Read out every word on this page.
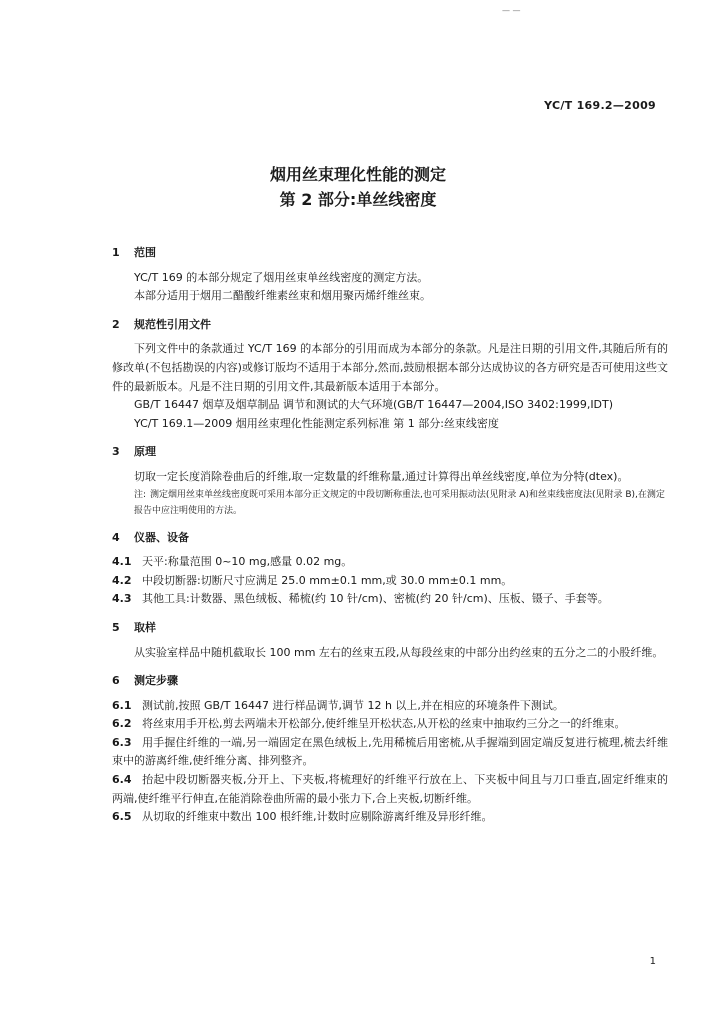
— —
YC/T 169.2—2009
烟用丝束理化性能的测定
第 2 部分:单丝线密度
1 范围
YC/T 169 的本部分规定了烟用丝束单丝线密度的测定方法。
本部分适用于烟用二醋酸纤维素丝束和烟用聚丙烯纤维丝束。
2 规范性引用文件
下列文件中的条款通过 YC/T 169 的本部分的引用而成为本部分的条款。凡是注日期的引用文件,其随后所有的修改单(不包括勘误的内容)或修订版均不适用于本部分,然而,鼓励根据本部分达成协议的各方研究是否可使用这些文件的最新版本。凡是不注日期的引用文件,其最新版本适用于本部分。
GB/T 16447 烟草及烟草制品 调节和测试的大气环境(GB/T 16447—2004,ISO 3402:1999,IDT)
YC/T 169.1—2009 烟用丝束理化性能测定系列标准 第 1 部分:丝束线密度
3 原理
切取一定长度消除卷曲后的纤维,取一定数量的纤维称量,通过计算得出单丝线密度,单位为分特(dtex)。
注: 测定烟用丝束单丝线密度既可采用本部分正文规定的中段切断称重法,也可采用振动法(见附录 A)和丝束线密度法(见附录 B),在测定报告中应注明使用的方法。
4 仪器、设备
4.1 天平:称量范围 0~10 mg,感量 0.02 mg。
4.2 中段切断器:切断尺寸应满足 25.0 mm±0.1 mm,或 30.0 mm±0.1 mm。
4.3 其他工具:计数器、黑色绒板、稀梳(约 10 针/cm)、密梳(约 20 针/cm)、压板、镊子、手套等。
5 取样
从实验室样品中随机截取长 100 mm 左右的丝束五段,从每段丝束的中部分出约丝束的五分之二的小股纤维。
6 测定步骤
6.1 测试前,按照 GB/T 16447 进行样品调节,调节 12 h 以上,并在相应的环境条件下测试。
6.2 将丝束用手开松,剪去两端未开松部分,使纤维呈开松状态,从开松的丝束中抽取约三分之一的纤维束。
6.3 用手握住纤维的一端,另一端固定在黑色绒板上,先用稀梳后用密梳,从手握端到固定端反复进行梳理,梳去纤维束中的游离纤维,使纤维分离、排列整齐。
6.4 抬起中段切断器夹板,分开上、下夹板,将梳理好的纤维平行放在上、下夹板中间且与刀口垂直,固定纤维束的两端,使纤维平行伸直,在能消除卷曲所需的最小张力下,合上夹板,切断纤维。
6.5 从切取的纤维束中数出 100 根纤维,计数时应剔除游离纤维及异形纤维。
1
